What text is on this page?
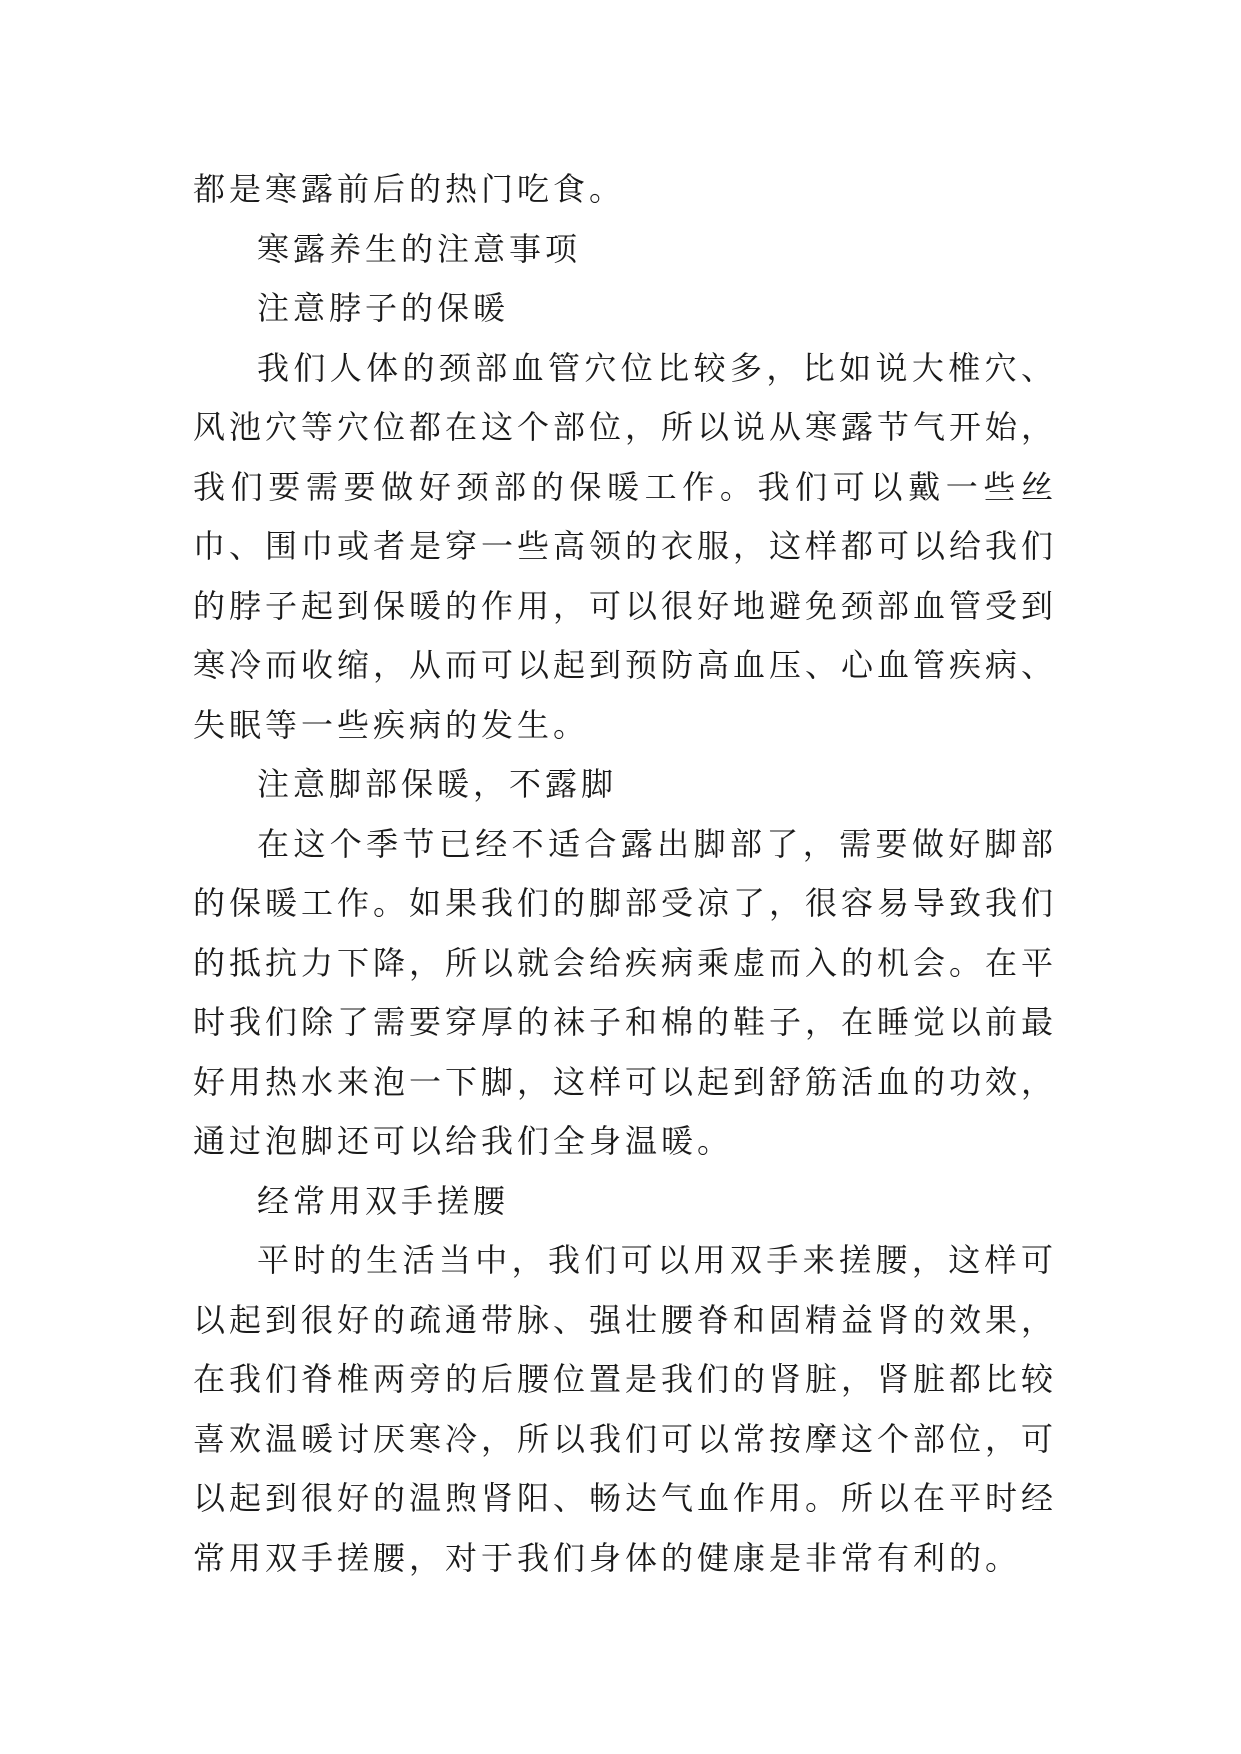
都是寒露前后的热门吃食。

寒露养生的注意事项

注意脖子的保暖

我们人体的颈部血管穴位比较多，比如说大椎穴、风池穴等穴位都在这个部位，所以说从寒露节气开始，我们要需要做好颈部的保暖工作。我们可以戴一些丝巾、围巾或者是穿一些高领的衣服，这样都可以给我们的脖子起到保暖的作用，可以很好地避免颈部血管受到寒冷而收缩，从而可以起到预防高血压、心血管疾病、失眠等一些疾病的发生。

注意脚部保暖，不露脚

在这个季节已经不适合露出脚部了，需要做好脚部的保暖工作。如果我们的脚部受凉了，很容易导致我们的抵抗力下降，所以就会给疾病乘虚而入的机会。在平时我们除了需要穿厚的袜子和棉的鞋子，在睡觉以前最好用热水来泡一下脚，这样可以起到舒筋活血的功效，通过泡脚还可以给我们全身温暖。

经常用双手搓腰

平时的生活当中，我们可以用双手来搓腰，这样可以起到很好的疏通带脉、强壮腰脊和固精益肾的效果，在我们脊椎两旁的后腰位置是我们的肾脏，肾脏都比较喜欢温暖讨厌寒冷，所以我们可以常按摩这个部位，可以起到很好的温煦肾阳、畅达气血作用。所以在平时经常用双手搓腰，对于我们身体的健康是非常有利的。
